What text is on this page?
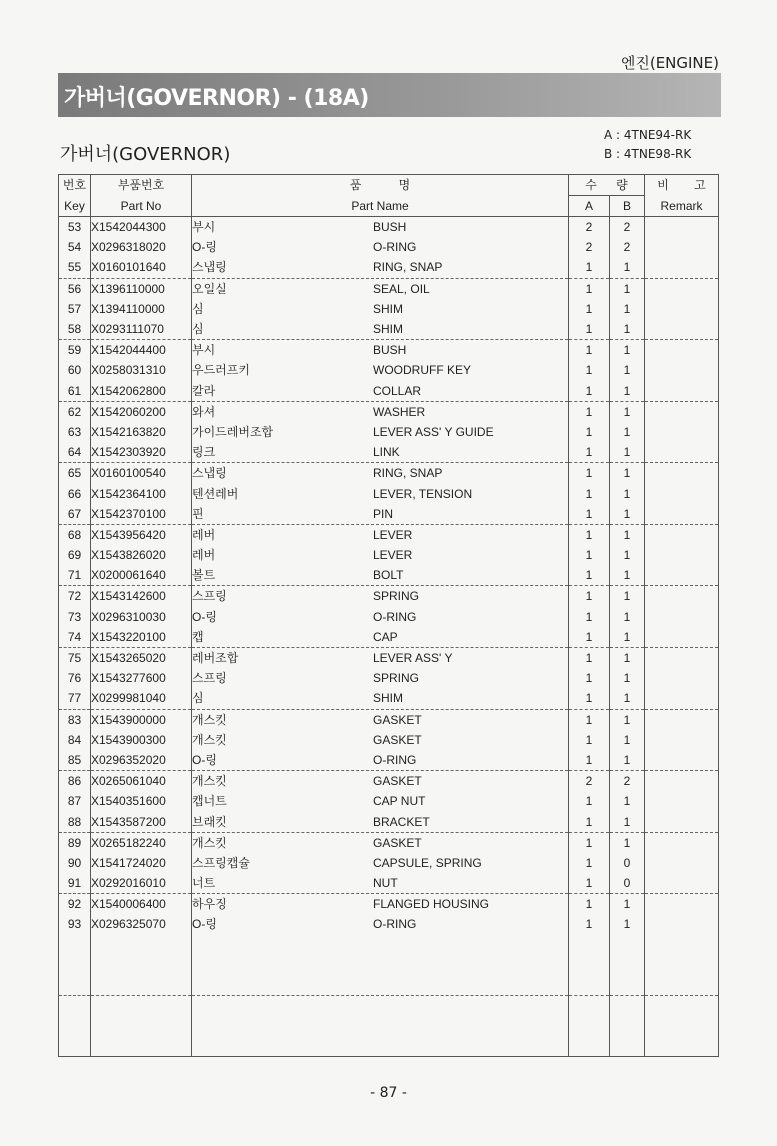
엔진(ENGINE)
가버너(GOVERNOR) - (18A)
가버너(GOVERNOR)
A : 4TNE94-RK
B : 4TNE98-RK
번호	부품번호	품 명	수 량		비 고
Key	Part No	Part Name	A	B	Remark
53	X1542044300	부시 BUSH	2	2	
54	X0296318020	O-링 O-RING	2	2	
55	X0160101640	스냅링 RING, SNAP	1	1	
56	X1396110000	오일실 SEAL, OIL	1	1	
57	X1394110000	심 SHIM	1	1	
58	X0293111070	심 SHIM	1	1	
59	X1542044400	부시 BUSH	1	1	
60	X0258031310	우드러프키 WOODRUFF KEY	1	1	
61	X1542062800	칼라 COLLAR	1	1	
62	X1542060200	와셔 WASHER	1	1	
63	X1542163820	가이드레버조합 LEVER ASS' Y GUIDE	1	1	
64	X1542303920	링크 LINK	1	1	
65	X0160100540	스냅링 RING, SNAP	1	1	
66	X1542364100	텐션레버 LEVER, TENSION	1	1	
67	X1542370100	핀 PIN	1	1	
68	X1543956420	레버 LEVER	1	1	
69	X1543826020	레버 LEVER	1	1	
71	X0200061640	볼트 BOLT	1	1	
72	X1543142600	스프링 SPRING	1	1	
73	X0296310030	O-링 O-RING	1	1	
74	X1543220100	캡 CAP	1	1	
75	X1543265020	레버조합 LEVER ASS' Y	1	1	
76	X1543277600	스프링 SPRING	1	1	
77	X0299981040	심 SHIM	1	1	
83	X1543900000	개스킷 GASKET	1	1	
84	X1543900300	개스킷 GASKET	1	1	
85	X0296352020	O-링 O-RING	1	1	
86	X0265061040	개스킷 GASKET	2	2	
87	X1540351600	캡너트 CAP NUT	1	1	
88	X1543587200	브래킷 BRACKET	1	1	
89	X0265182240	개스킷 GASKET	1	1	
90	X1541724020	스프링캡슐 CAPSULE, SPRING	1	0	
91	X0292016010	너트 NUT	1	0	
92	X1540006400	하우징 FLANGED HOUSING	1	1	
93	X0296325070	O-링 O-RING	1	1	

- 87 -
